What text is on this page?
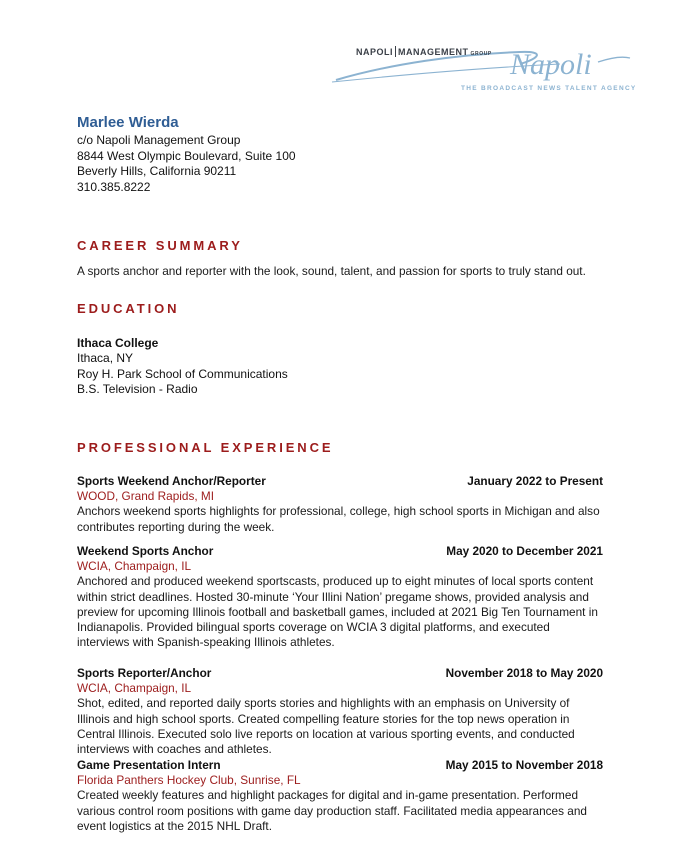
Napoli
NAPOLI MANAGEMENT GROUP
THE BROADCAST NEWS TALENT AGENCY
Marlee Wierda
c/o Napoli Management Group
8844 West Olympic Boulevard, Suite 100
Beverly Hills, California 90211
310.385.8222
CAREER SUMMARY
A sports anchor and reporter with the look, sound, talent, and passion for sports to truly stand out.
EDUCATION
Ithaca College
Ithaca, NY
Roy H. Park School of Communications
B.S. Television - Radio
PROFESSIONAL EXPERIENCE
Sports Weekend Anchor/Reporter	January 2022 to Present
WOOD, Grand Rapids, MI
Anchors weekend sports highlights for professional, college, high school sports in Michigan and also contributes reporting during the week.
Weekend Sports Anchor	May 2020 to December 2021
WCIA, Champaign, IL
Anchored and produced weekend sportscasts, produced up to eight minutes of local sports content within strict deadlines. Hosted 30-minute ‘Your Illini Nation’ pregame shows, provided analysis and preview for upcoming Illinois football and basketball games, included at 2021 Big Ten Tournament in Indianapolis. Provided bilingual sports coverage on WCIA 3 digital platforms, and executed interviews with Spanish-speaking Illinois athletes.
Sports Reporter/Anchor	November 2018 to May 2020
WCIA, Champaign, IL
Shot, edited, and reported daily sports stories and highlights with an emphasis on University of Illinois and high school sports. Created compelling feature stories for the top news operation in Central Illinois. Executed solo live reports on location at various sporting events, and conducted interviews with coaches and athletes.
Game Presentation Intern	May 2015 to November 2018
Florida Panthers Hockey Club, Sunrise, FL
Created weekly features and highlight packages for digital and in-game presentation. Performed various control room positions with game day production staff. Facilitated media appearances and event logistics at the 2015 NHL Draft.
